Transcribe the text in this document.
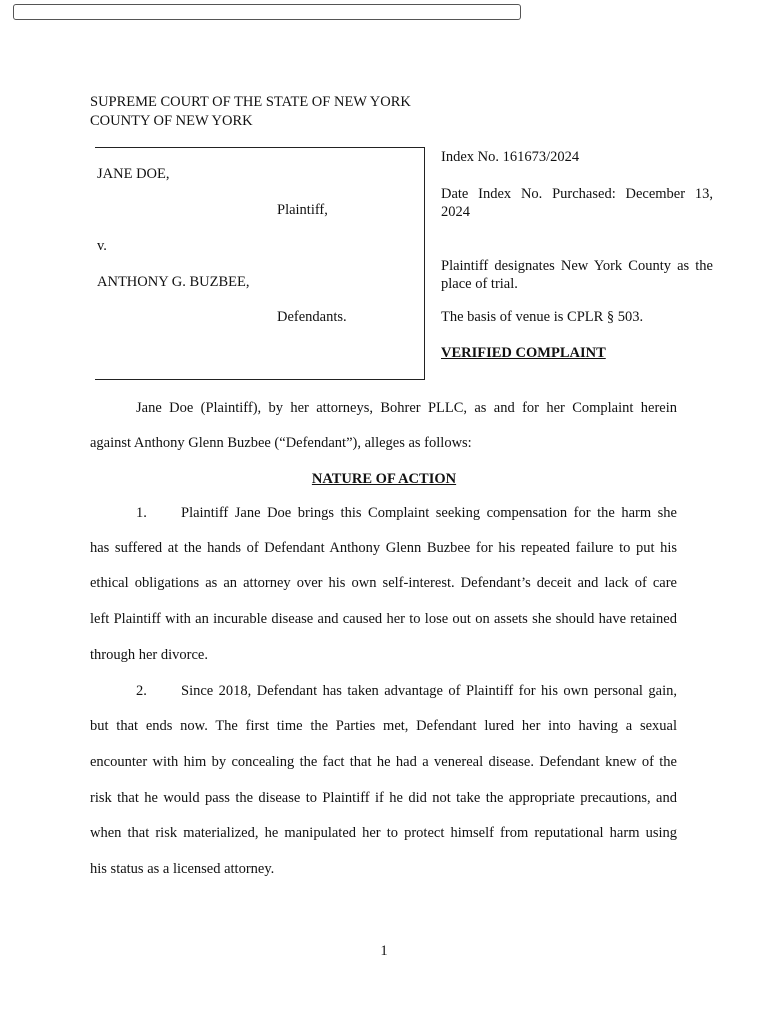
SUPREME COURT OF THE STATE OF NEW YORK
COUNTY OF NEW YORK
JANE DOE,
Plaintiff,
v.
ANTHONY G. BUZBEE,
Defendants.
Index No. 161673/2024
Date Index No. Purchased: December 13,
2024
Plaintiff designates New York County as the
place of trial.
The basis of venue is CPLR § 503.
VERIFIED COMPLAINT
Jane Doe (Plaintiff), by her attorneys, Bohrer PLLC, as and for her Complaint herein
against Anthony Glenn Buzbee (“Defendant”), alleges as follows:
NATURE OF ACTION
1. Plaintiff Jane Doe brings this Complaint seeking compensation for the harm she
has suffered at the hands of Defendant Anthony Glenn Buzbee for his repeated failure to put his
ethical obligations as an attorney over his own self-interest. Defendant’s deceit and lack of care
left Plaintiff with an incurable disease and caused her to lose out on assets she should have retained
through her divorce.
2. Since 2018, Defendant has taken advantage of Plaintiff for his own personal gain,
but that ends now. The first time the Parties met, Defendant lured her into having a sexual
encounter with him by concealing the fact that he had a venereal disease. Defendant knew of the
risk that he would pass the disease to Plaintiff if he did not take the appropriate precautions, and
when that risk materialized, he manipulated her to protect himself from reputational harm using
his status as a licensed attorney.
1
